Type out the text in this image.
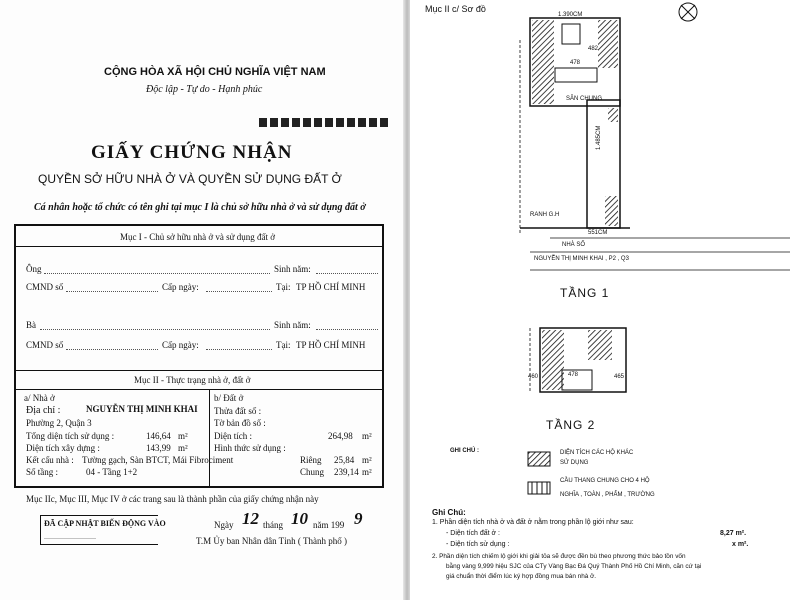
CỘNG HÒA XÃ HỘI CHỦ NGHĨA VIỆT NAM
Độc lập - Tự do - Hạnh phúc
GIẤY CHỨNG NHẬN
QUYỀN SỞ HỮU NHÀ Ở VÀ QUYỀN SỬ DỤNG ĐẤT Ở
Cá nhân hoặc tổ chức có tên ghi tại mục I là chủ sở hữu nhà ở và sử dụng đất ở
Mục I - Chủ sở hữu nhà ở và sử dụng đất ở
Ông	Sinh năm:
CMND số	Cấp ngày:	Tại: TP HỒ CHÍ MINH
Bà	Sinh năm:
CMND số	Cấp ngày:	Tại: TP HỒ CHÍ MINH
Mục II - Thực trạng nhà ở, đất ở
a/ Nhà ở
Địa chỉ :	NGUYỄN THỊ MINH KHAI
Phường 2, Quận 3
Tổng diện tích sử dụng :	146,64 m²
Diện tích xây dựng :	143,99 m²
Kết cấu nhà : Tường gạch, Sàn BTCT, Mái Fibrociment
Số tầng :	04 - Tầng 1+2
b/ Đất ở
Thửa đất số :
Tờ bản đồ số :
Diện tích :	264,98 m²
Hình thức sử dụng :
Riêng 25,84 m²
Chung 239,14 m²
Mục IIc, Mục III, Mục IV ở các trang sau là thành phần của giấy chứng nhận này
ĐÃ CẬP NHẬT BIẾN ĐỘNG VÀO
..........................
Ngày 12 tháng 10 năm 199 9
T.M Ủy ban Nhân dân Tỉnh ( Thành phố )
Mục II c/ Sơ đồ
1.390CM
482
478
SÂN CHUNG
1.485CM
RANH G.H
551CM
NHÀ SỐ
NGUYỄN THỊ MINH KHAI , P2 , Q3
TẦNG 1
460	478	465
TẦNG 2
GHI CHÚ :	DIỆN TÍCH CÁC HỘ KHÁC
SỬ DỤNG
CẦU THANG CHUNG CHO 4 HỘ
NGHĨA , TOÀN , PHẨM , TRƯỜNG
Ghi Chú:
1. Phần diện tích nhà ở và đất ở nằm trong phần lộ giới như sau:
- Diện tích đất ở :	8,27 m².
- Diện tích sử dụng :	x m².
2. Phần diện tích chiếm lộ giới khi giải tỏa sẽ được đền bù theo phương thức bảo tồn vốn
bằng vàng 9,999 hiệu SJC của CTy Vàng Bạc Đá Quý Thành Phố Hồ Chí Minh, căn cứ tại
giá chuẩn thời điểm lúc ký hợp đồng mua bán nhà ở.
